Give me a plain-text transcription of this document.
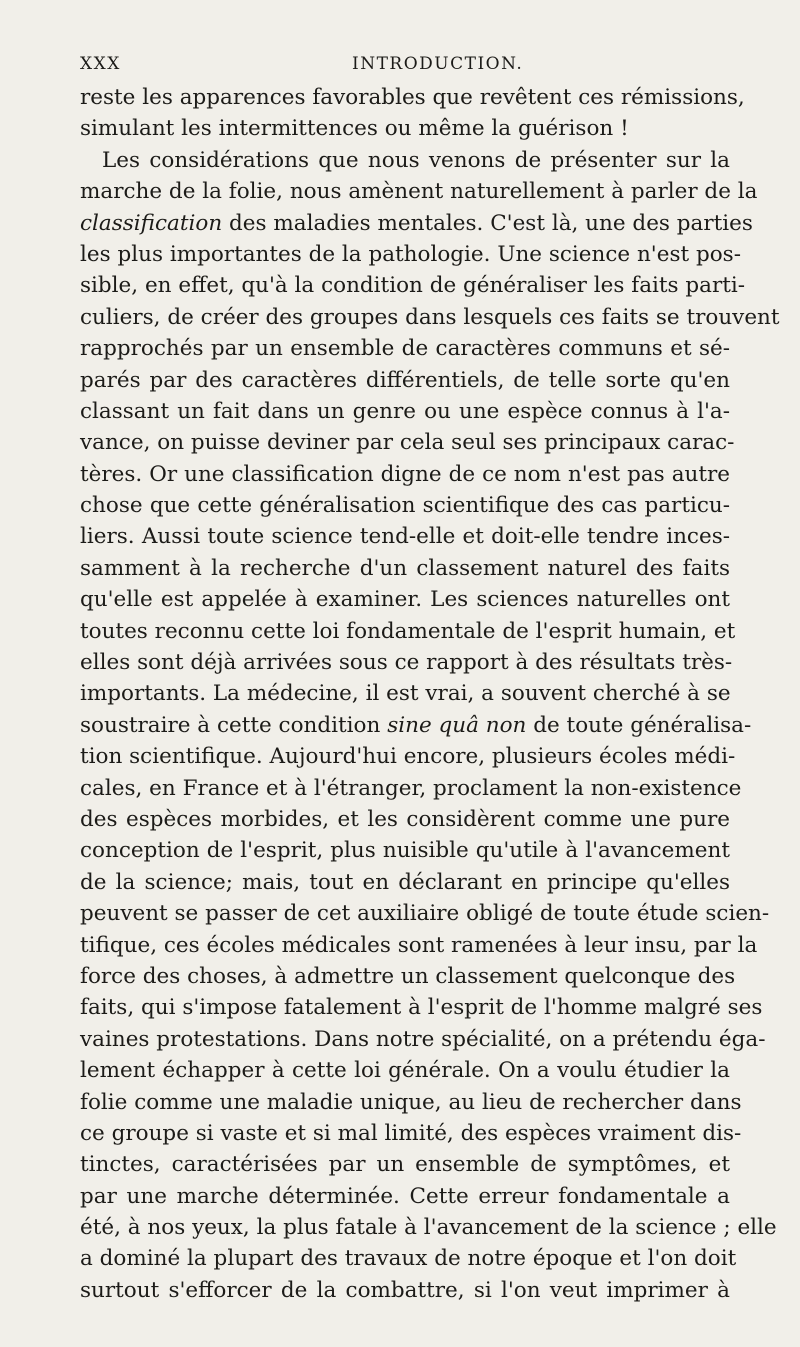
XXX	INTRODUCTION.
reste les apparences favorables que revêtent ces rémissions,
simulant les intermittences ou même la guérison !
Les considérations que nous venons de présenter sur la
marche de la folie, nous amènent naturellement à parler de la
classification des maladies mentales. C'est là, une des parties
les plus importantes de la pathologie. Une science n'est pos-
sible, en effet, qu'à la condition de généraliser les faits parti-
culiers, de créer des groupes dans lesquels ces faits se trouvent
rapprochés par un ensemble de caractères communs et sé-
parés par des caractères différentiels, de telle sorte qu'en
classant un fait dans un genre ou une espèce connus à l'a-
vance, on puisse deviner par cela seul ses principaux carac-
tères. Or une classification digne de ce nom n'est pas autre
chose que cette généralisation scientifique des cas particu-
liers. Aussi toute science tend-elle et doit-elle tendre inces-
samment à la recherche d'un classement naturel des faits
qu'elle est appelée à examiner. Les sciences naturelles ont
toutes reconnu cette loi fondamentale de l'esprit humain, et
elles sont déjà arrivées sous ce rapport à des résultats très-
importants. La médecine, il est vrai, a souvent cherché à se
soustraire à cette condition sine quâ non de toute généralisa-
tion scientifique. Aujourd'hui encore, plusieurs écoles médi-
cales, en France et à l'étranger, proclament la non-existence
des espèces morbides, et les considèrent comme une pure
conception de l'esprit, plus nuisible qu'utile à l'avancement
de la science; mais, tout en déclarant en principe qu'elles
peuvent se passer de cet auxiliaire obligé de toute étude scien-
tifique, ces écoles médicales sont ramenées à leur insu, par la
force des choses, à admettre un classement quelconque des
faits, qui s'impose fatalement à l'esprit de l'homme malgré ses
vaines protestations. Dans notre spécialité, on a prétendu éga-
lement échapper à cette loi générale. On a voulu étudier la
folie comme une maladie unique, au lieu de rechercher dans
ce groupe si vaste et si mal limité, des espèces vraiment dis-
tinctes, caractérisées par un ensemble de symptômes, et
par une marche déterminée. Cette erreur fondamentale a
été, à nos yeux, la plus fatale à l'avancement de la science ; elle
a dominé la plupart des travaux de notre époque et l'on doit
surtout s'efforcer de la combattre, si l'on veut imprimer à
